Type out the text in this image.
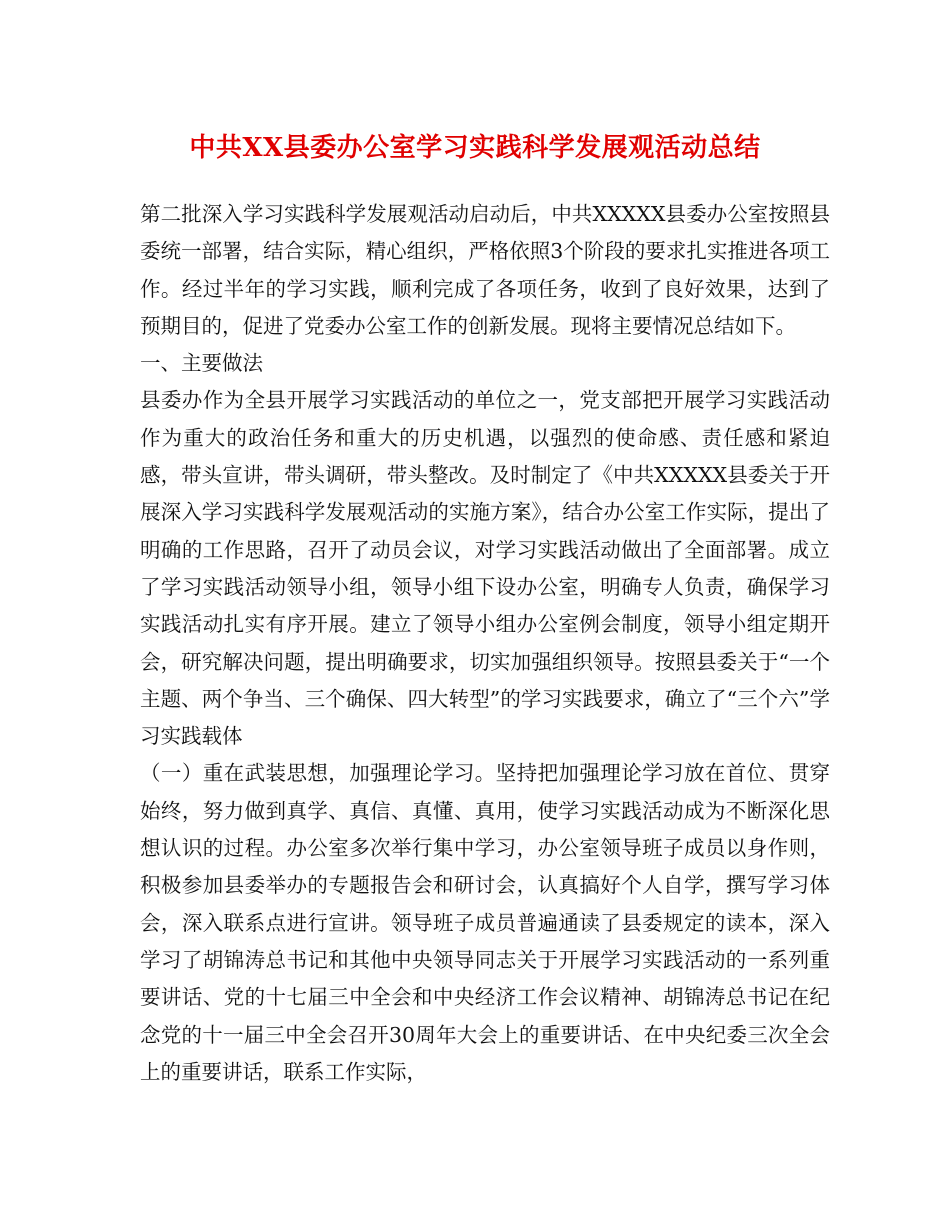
中共XX县委办公室学习实践科学发展观活动总结

第二批深入学习实践科学发展观活动启动后，中共XXXXX县委办公室按照县委统一部署，结合实际，精心组织，严格依照3个阶段的要求扎实推进各项工作。经过半年的学习实践，顺利完成了各项任务，收到了良好效果，达到了预期目的，促进了党委办公室工作的创新发展。现将主要情况总结如下。

一、主要做法

县委办作为全县开展学习实践活动的单位之一，党支部把开展学习实践活动作为重大的政治任务和重大的历史机遇，以强烈的使命感、责任感和紧迫感，带头宣讲，带头调研，带头整改。及时制定了《中共XXXXX县委关于开展深入学习实践科学发展观活动的实施方案》，结合办公室工作实际，提出了明确的工作思路，召开了动员会议，对学习实践活动做出了全面部署。成立了学习实践活动领导小组，领导小组下设办公室，明确专人负责，确保学习实践活动扎实有序开展。建立了领导小组办公室例会制度，领导小组定期开会，研究解决问题，提出明确要求，切实加强组织领导。按照县委关于“一个主题、两个争当、三个确保、四大转型”的学习实践要求，确立了“三个六”学习实践载体

（一）重在武装思想，加强理论学习。坚持把加强理论学习放在首位、贯穿始终，努力做到真学、真信、真懂、真用，使学习实践活动成为不断深化思想认识的过程。办公室多次举行集中学习，办公室领导班子成员以身作则，积极参加县委举办的专题报告会和研讨会，认真搞好个人自学，撰写学习体会，深入联系点进行宣讲。领导班子成员普遍通读了县委规定的读本，深入学习了胡锦涛总书记和其他中央领导同志关于开展学习实践活动的一系列重要讲话、党的十七届三中全会和中央经济工作会议精神、胡锦涛总书记在纪念党的十一届三中全会召开30周年大会上的重要讲话、在中央纪委三次全会上的重要讲话，联系工作实际，
